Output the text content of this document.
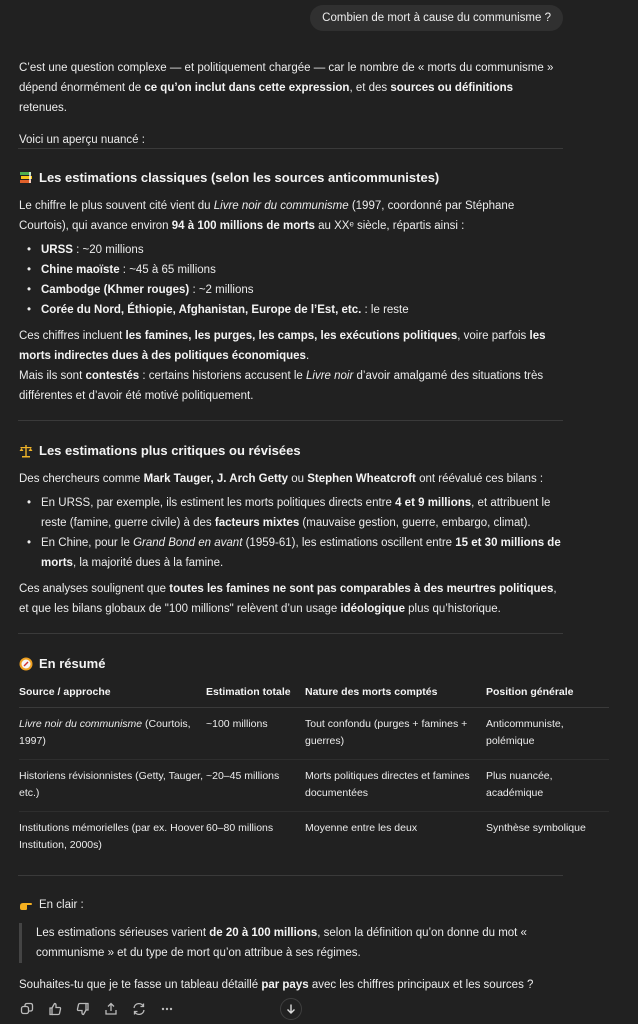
Combien de mort à cause du communisme ?

C’est une question complexe — et politiquement chargée — car le nombre de « morts du communisme » dépend énormément de ce qu’on inclut dans cette expression, et des sources ou définitions retenues.

Voici un aperçu nuancé :

Les estimations classiques (selon les sources anticommunistes)

Le chiffre le plus souvent cité vient du Livre noir du communisme (1997, coordonné par Stéphane Courtois), qui avance environ 94 à 100 millions de morts au XXᵉ siècle, répartis ainsi :

• URSS : ~20 millions
• Chine maoïste : ~45 à 65 millions
• Cambodge (Khmer rouges) : ~2 millions
• Corée du Nord, Éthiopie, Afghanistan, Europe de l’Est, etc. : le reste

Ces chiffres incluent les famines, les purges, les camps, les exécutions politiques, voire parfois les morts indirectes dues à des politiques économiques.

Mais ils sont contestés : certains historiens accusent le Livre noir d’avoir amalgamé des situations très différentes et d’avoir été motivé politiquement.

Les estimations plus critiques ou révisées

Des chercheurs comme Mark Tauger, J. Arch Getty ou Stephen Wheatcroft ont réévalué ces bilans :

• En URSS, par exemple, ils estiment les morts politiques directs entre 4 et 9 millions, et attribuent le reste (famine, guerre civile) à des facteurs mixtes (mauvaise gestion, guerre, embargo, climat).
• En Chine, pour le Grand Bond en avant (1959-61), les estimations oscillent entre 15 et 30 millions de morts, la majorité dues à la famine.

Ces analyses soulignent que toutes les famines ne sont pas comparables à des meurtres politiques, et que les bilans globaux de "100 millions" relèvent d’un usage idéologique plus qu’historique.

En résumé
Source / approche	Estimation totale	Nature des morts comptés	Position générale
Livre noir du communisme (Courtois, 1997)	~100 millions	Tout confondu (purges + famines + guerres)	Anticommuniste, polémique
Historiens révisionnistes (Getty, Tauger, etc.)	~20–45 millions	Morts politiques directes et famines documentées	Plus nuancée, académique
Institutions mémorielles (par ex. Hoover Institution, 2000s)	60–80 millions	Moyenne entre les deux	Synthèse symbolique
En clair :
Les estimations sérieuses varient de 20 à 100 millions, selon la définition qu’on donne du mot « communisme » et du type de mort qu’on attribue à ses régimes.

Souhaites-tu que je te fasse un tableau détaillé par pays avec les chiffres principaux et les sources ?
